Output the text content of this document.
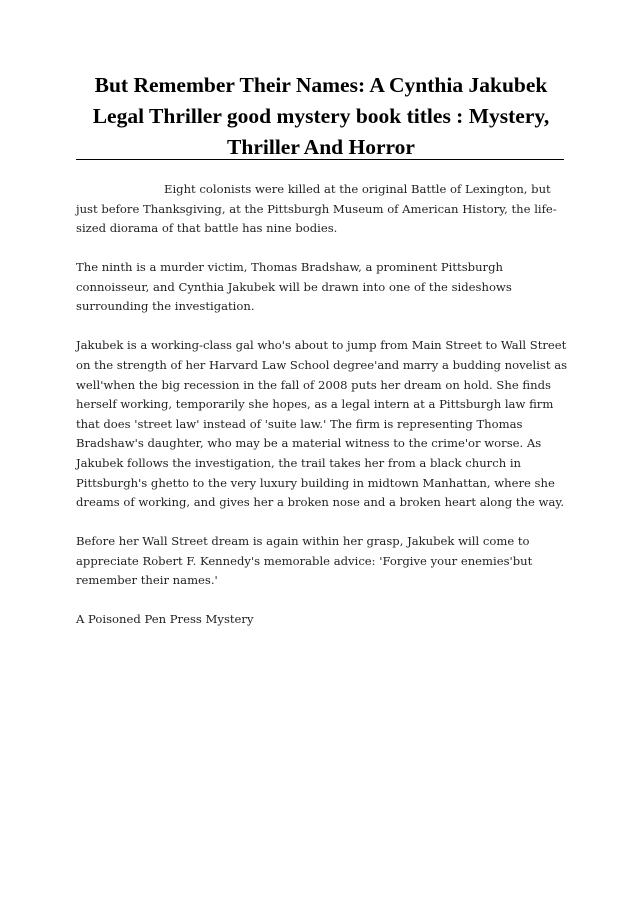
But Remember Their Names: A Cynthia Jakubek Legal Thriller good mystery book titles : Mystery, Thriller And Horror

Eight colonists were killed at the original Battle of Lexington, but just before Thanksgiving, at the Pittsburgh Museum of American History, the life-sized diorama of that battle has nine bodies.

The ninth is a murder victim, Thomas Bradshaw, a prominent Pittsburgh connoisseur, and Cynthia Jakubek will be drawn into one of the sideshows surrounding the investigation.

Jakubek is a working-class gal who's about to jump from Main Street to Wall Street on the strength of her Harvard Law School degree'and marry a budding novelist as well'when the big recession in the fall of 2008 puts her dream on hold. She finds herself working, temporarily she hopes, as a legal intern at a Pittsburgh law firm that does 'street law' instead of 'suite law.' The firm is representing Thomas Bradshaw's daughter, who may be a material witness to the crime'or worse. As Jakubek follows the investigation, the trail takes her from a black church in Pittsburgh's ghetto to the very luxury building in midtown Manhattan, where she dreams of working, and gives her a broken nose and a broken heart along the way.

Before her Wall Street dream is again within her grasp, Jakubek will come to appreciate Robert F. Kennedy's memorable advice: 'Forgive your enemies'but remember their names.'

A Poisoned Pen Press Mystery
